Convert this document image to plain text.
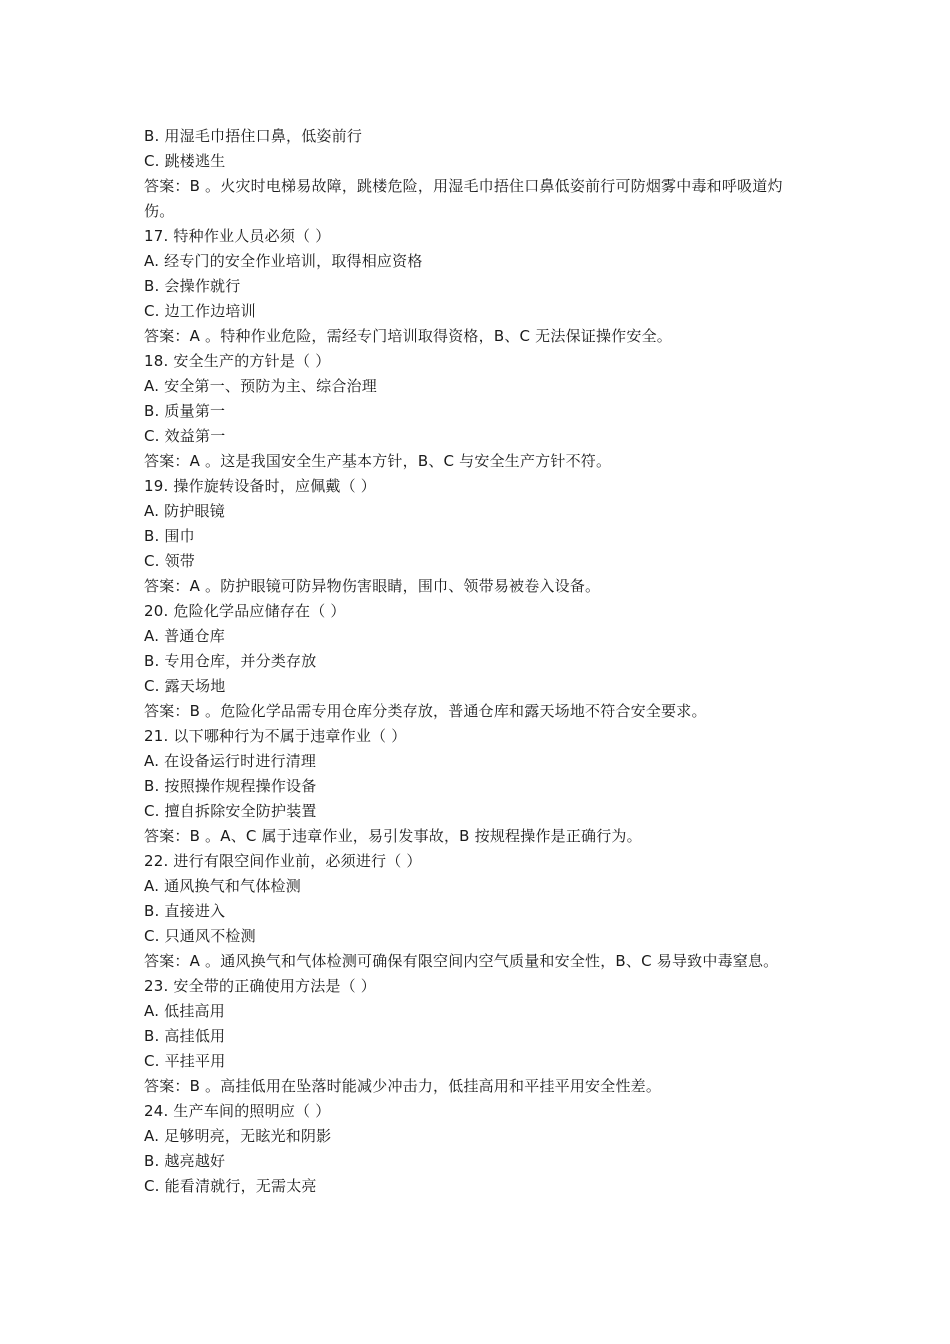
B. 用湿毛巾捂住口鼻，低姿前行
C. 跳楼逃生
答案：B 。火灾时电梯易故障，跳楼危险，用湿毛巾捂住口鼻低姿前行可防烟雾中毒和呼吸道灼伤。
17. 特种作业人员必须（ ）
A. 经专门的安全作业培训，取得相应资格
B. 会操作就行
C. 边工作边培训
答案：A 。特种作业危险，需经专门培训取得资格，B、C 无法保证操作安全。
18. 安全生产的方针是（ ）
A. 安全第一、预防为主、综合治理
B. 质量第一
C. 效益第一
答案：A 。这是我国安全生产基本方针，B、C 与安全生产方针不符。
19. 操作旋转设备时，应佩戴（ ）
A. 防护眼镜
B. 围巾
C. 领带
答案：A 。防护眼镜可防异物伤害眼睛，围巾、领带易被卷入设备。
20. 危险化学品应储存在（ ）
A. 普通仓库
B. 专用仓库，并分类存放
C. 露天场地
答案：B 。危险化学品需专用仓库分类存放，普通仓库和露天场地不符合安全要求。
21. 以下哪种行为不属于违章作业（ ）
A. 在设备运行时进行清理
B. 按照操作规程操作设备
C. 擅自拆除安全防护装置
答案：B 。A、C 属于违章作业，易引发事故，B 按规程操作是正确行为。
22. 进行有限空间作业前，必须进行（ ）
A. 通风换气和气体检测
B. 直接进入
C. 只通风不检测
答案：A 。通风换气和气体检测可确保有限空间内空气质量和安全性，B、C 易导致中毒窒息。
23. 安全带的正确使用方法是（ ）
A. 低挂高用
B. 高挂低用
C. 平挂平用
答案：B 。高挂低用在坠落时能减少冲击力，低挂高用和平挂平用安全性差。
24. 生产车间的照明应（ ）
A. 足够明亮，无眩光和阴影
B. 越亮越好
C. 能看清就行，无需太亮
